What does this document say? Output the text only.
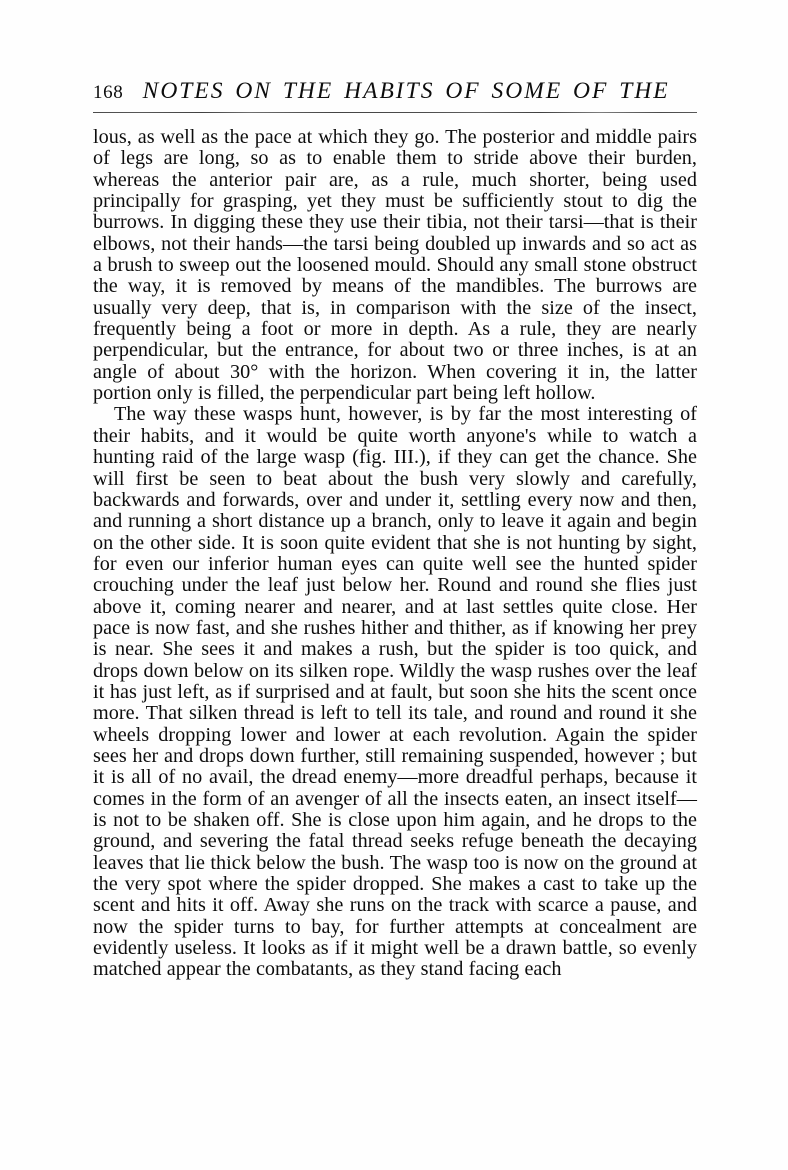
168 NOTES ON THE HABITS OF SOME OF THE

lous, as well as the pace at which they go. The posterior and middle pairs of legs are long, so as to enable them to stride above their burden, whereas the anterior pair are, as a rule, much shorter, being used principally for grasping, yet they must be sufficiently stout to dig the burrows. In digging these they use their tibia, not their tarsi—that is their elbows, not their hands—the tarsi being doubled up inwards and so act as a brush to sweep out the loosened mould. Should any small stone obstruct the way, it is removed by means of the mandibles. The burrows are usually very deep, that is, in comparison with the size of the insect, frequently being a foot or more in depth. As a rule, they are nearly perpendicular, but the entrance, for about two or three inches, is at an angle of about 30° with the horizon. When covering it in, the latter portion only is filled, the perpendicular part being left hollow.

The way these wasps hunt, however, is by far the most interesting of their habits, and it would be quite worth anyone's while to watch a hunting raid of the large wasp (fig. III.), if they can get the chance. She will first be seen to beat about the bush very slowly and carefully, backwards and forwards, over and under it, settling every now and then, and running a short distance up a branch, only to leave it again and begin on the other side. It is soon quite evident that she is not hunting by sight, for even our inferior human eyes can quite well see the hunted spider crouching under the leaf just below her. Round and round she flies just above it, coming nearer and nearer, and at last settles quite close. Her pace is now fast, and she rushes hither and thither, as if knowing her prey is near. She sees it and makes a rush, but the spider is too quick, and drops down below on its silken rope. Wildly the wasp rushes over the leaf it has just left, as if surprised and at fault, but soon she hits the scent once more. That silken thread is left to tell its tale, and round and round it she wheels dropping lower and lower at each revolution. Again the spider sees her and drops down further, still remaining suspended, however ; but it is all of no avail, the dread enemy—more dreadful perhaps, because it comes in the form of an avenger of all the insects eaten, an insect itself—is not to be shaken off. She is close upon him again, and he drops to the ground, and severing the fatal thread seeks refuge beneath the decaying leaves that lie thick below the bush. The wasp too is now on the ground at the very spot where the spider dropped. She makes a cast to take up the scent and hits it off. Away she runs on the track with scarce a pause, and now the spider turns to bay, for further attempts at concealment are evidently useless. It looks as if it might well be a drawn battle, so evenly matched appear the combatants, as they stand facing each
